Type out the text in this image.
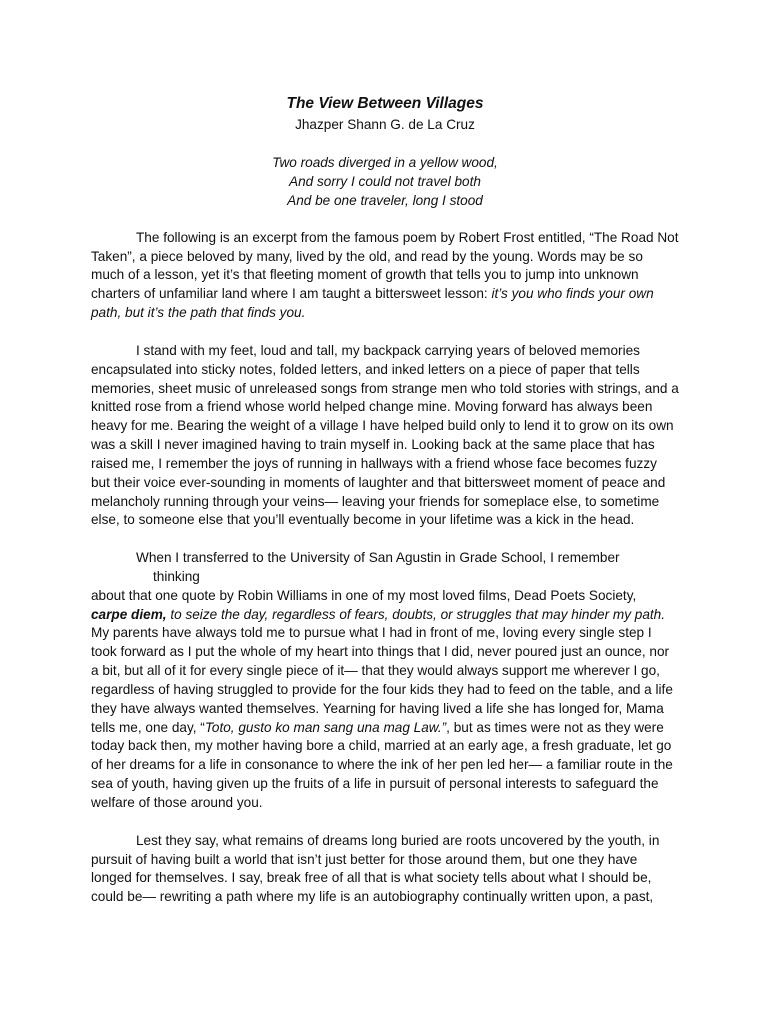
The View Between Villages
Jhazper Shann G. de La Cruz
Two roads diverged in a yellow wood,
And sorry I could not travel both
And be one traveler, long I stood

The following is an excerpt from the famous poem by Robert Frost entitled, “The Road Not Taken”, a piece beloved by many, lived by the old, and read by the young. Words may be so much of a lesson, yet it’s that fleeting moment of growth that tells you to jump into unknown charters of unfamiliar land where I am taught a bittersweet lesson: it’s you who finds your own path, but it’s the path that finds you.

I stand with my feet, loud and tall, my backpack carrying years of beloved memories encapsulated into sticky notes, folded letters, and inked letters on a piece of paper that tells memories, sheet music of unreleased songs from strange men who told stories with strings, and a knitted rose from a friend whose world helped change mine. Moving forward has always been heavy for me. Bearing the weight of a village I have helped build only to lend it to grow on its own was a skill I never imagined having to train myself in. Looking back at the same place that has raised me, I remember the joys of running in hallways with a friend whose face becomes fuzzy but their voice ever-sounding in moments of laughter and that bittersweet moment of peace and melancholy running through your veins— leaving your friends for someplace else, to sometime else, to someone else that you’ll eventually become in your lifetime was a kick in the head.

When I transferred to the University of San Agustin in Grade School, I remember
thinking
about that one quote by Robin Williams in one of my most loved films, Dead Poets Society,
carpe diem, to seize the day, regardless of fears, doubts, or struggles that may hinder my path. My parents have always told me to pursue what I had in front of me, loving every single step I took forward as I put the whole of my heart into things that I did, never poured just an ounce, nor a bit, but all of it for every single piece of it— that they would always support me wherever I go, regardless of having struggled to provide for the four kids they had to feed on the table, and a life they have always wanted themselves. Yearning for having lived a life she has longed for, Mama tells me, one day, “Toto, gusto ko man sang una mag Law.”, but as times were not as they were today back then, my mother having bore a child, married at an early age, a fresh graduate, let go of her dreams for a life in consonance to where the ink of her pen led her— a familiar route in the sea of youth, having given up the fruits of a life in pursuit of personal interests to safeguard the welfare of those around you.

Lest they say, what remains of dreams long buried are roots uncovered by the youth, in pursuit of having built a world that isn’t just better for those around them, but one they have longed for themselves. I say, break free of all that is what society tells about what I should be, could be— rewriting a path where my life is an autobiography continually written upon, a past,
